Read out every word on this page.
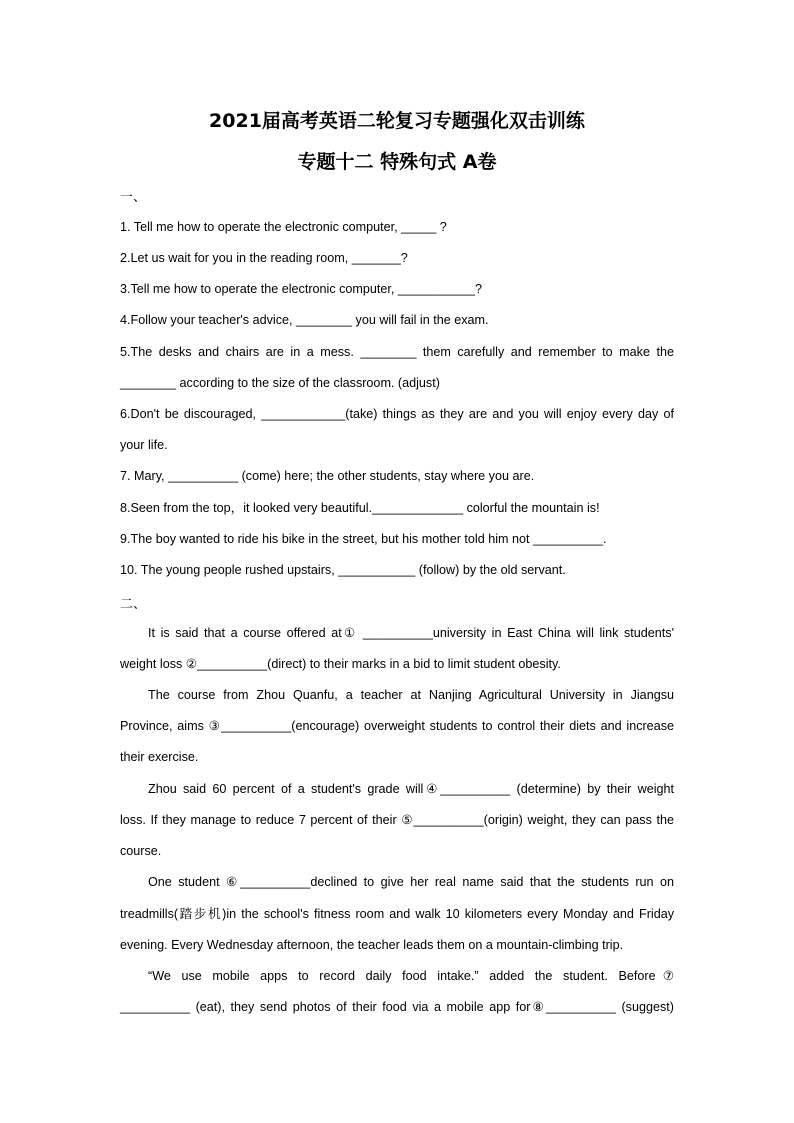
2021届高考英语二轮复习专题强化双击训练
专题十二 特殊句式 A卷
一、
1. Tell me how to operate the electronic computer, _____ ?
2.Let us wait for you in the reading room, _______?
3.Tell me how to operate the electronic computer, ___________?
4.Follow your teacher's advice, ________ you will fail in the exam.
5.The desks and chairs are in a mess. ________ them carefully and remember to make the
________ according to the size of the classroom. (adjust)
6.Don't be discouraged, ____________(take) things as they are and you will enjoy every day of
your life.
7. Mary, __________ (come) here; the other students, stay where you are.
8.Seen from the top，it looked very beautiful._____________ colorful the mountain is!
9.The boy wanted to ride his bike in the street, but his mother told him not __________.
10. The young people rushed upstairs, ___________ (follow) by the old servant.
二、
It is said that a course offered at① __________university in East China will link students'
weight loss ②__________(direct) to their marks in a bid to limit student obesity.
The course from Zhou Quanfu, a teacher at Nanjing Agricultural University in Jiangsu
Province, aims ③__________(encourage) overweight students to control their diets and increase
their exercise.
Zhou said 60 percent of a student's grade will④__________ (determine) by their weight
loss. If they manage to reduce 7 percent of their ⑤__________(origin) weight, they can pass the
course.
One student ⑥__________declined to give her real name said that the students run on
treadmills(踏步机)in the school's fitness room and walk 10 kilometers every Monday and Friday
evening. Every Wednesday afternoon, the teacher leads them on a mountain-climbing trip.
“We use mobile apps to record daily food intake.” added the student. Before⑦
__________ (eat), they send photos of their food via a mobile app for⑧__________ (suggest)
